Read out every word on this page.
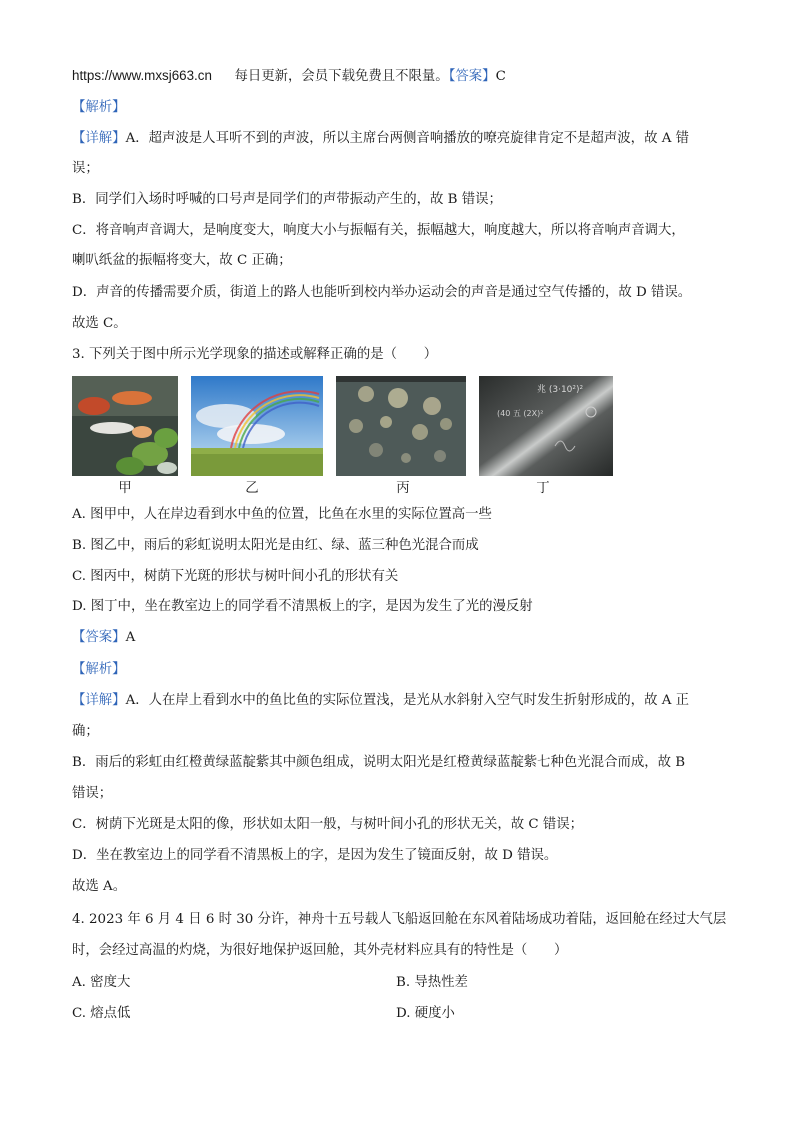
https://www.mxsj663.cn 每日更新，会员下载免费且不限量。【答案】C
【解析】
【详解】A．超声波是人耳听不到的声波，所以主席台两侧音响播放的嘹亮旋律肯定不是超声波，故 A 错
误；
B．同学们入场时呼喊的口号声是同学们的声带振动产生的，故 B 错误；
C．将音响声音调大，是响度变大，响度大小与振幅有关，振幅越大，响度越大，所以将音响声音调大，
喇叭纸盆的振幅将变大，故 C 正确；
D．声音的传播需要介质，街道上的路人也能听到校内举办运动会的声音是通过空气传播的，故 D 错误。
故选 C。
3. 下列关于图中所示光学现象的描述或解释正确的是（　　）
兆 (3·10²)²
(40 五 (2X)²
甲	乙	丙	丁
A. 图甲中，人在岸边看到水中鱼的位置，比鱼在水里的实际位置高一些
B. 图乙中，雨后的彩虹说明太阳光是由红、绿、蓝三种色光混合而成
C. 图丙中，树荫下光斑的形状与树叶间小孔的形状有关
D. 图丁中，坐在教室边上的同学看不清黑板上的字，是因为发生了光的漫反射
【答案】A
【解析】
【详解】A．人在岸上看到水中的鱼比鱼的实际位置浅，是光从水斜射入空气时发生折射形成的，故 A 正
确；
B．雨后的彩虹由红橙黄绿蓝靛紫其中颜色组成，说明太阳光是红橙黄绿蓝靛紫七种色光混合而成，故 B
错误；
C．树荫下光斑是太阳的像，形状如太阳一般，与树叶间小孔的形状无关，故 C 错误；
D．坐在教室边上的同学看不清黑板上的字，是因为发生了镜面反射，故 D 错误。
故选 A。
4. 2023 年 6 月 4 日 6 时 30 分许，神舟十五号载人飞船返回舱在东风着陆场成功着陆，返回舱在经过大气层
时，会经过高温的灼烧，为很好地保护返回舱，其外壳材料应具有的特性是（　　）
A. 密度大	B. 导热性差
C. 熔点低	D. 硬度小
